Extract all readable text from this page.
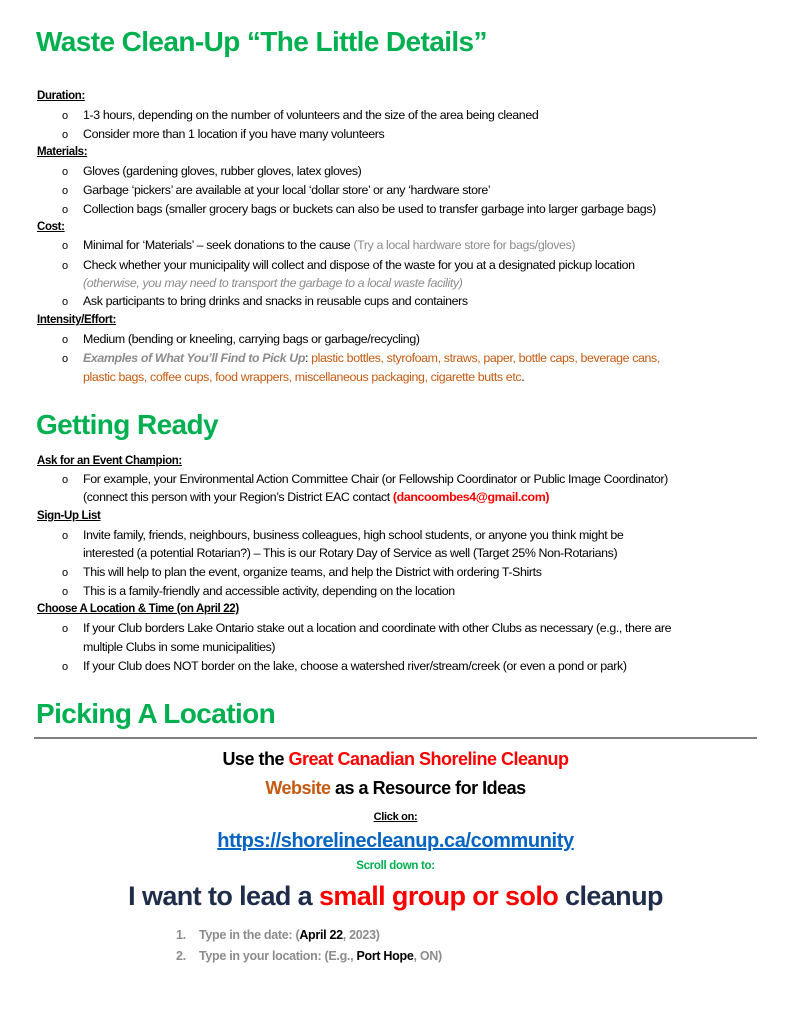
Waste Clean-Up “The Little Details”
Duration:
o 1-3 hours, depending on the number of volunteers and the size of the area being cleaned
o Consider more than 1 location if you have many volunteers
Materials:
o Gloves (gardening gloves, rubber gloves, latex gloves)
o Garbage ‘pickers’ are available at your local ‘dollar store’ or any ‘hardware store’
o Collection bags (smaller grocery bags or buckets can also be used to transfer garbage into larger garbage bags)
Cost:
o Minimal for ‘Materials’ – seek donations to the cause (Try a local hardware store for bags/gloves)
o Check whether your municipality will collect and dispose of the waste for you at a designated pickup location
(otherwise, you may need to transport the garbage to a local waste facility)
o Ask participants to bring drinks and snacks in reusable cups and containers
Intensity/Effort:
o Medium (bending or kneeling, carrying bags or garbage/recycling)
o Examples of What You’ll Find to Pick Up: plastic bottles, styrofoam, straws, paper, bottle caps, beverage cans,
plastic bags, coffee cups, food wrappers, miscellaneous packaging, cigarette butts etc.
Getting Ready
Ask for an Event Champion:
o For example, your Environmental Action Committee Chair (or Fellowship Coordinator or Public Image Coordinator)
(connect this person with your Region’s District EAC contact (dancoombes4@gmail.com)
Sign-Up List
o Invite family, friends, neighbours, business colleagues, high school students, or anyone you think might be
interested (a potential Rotarian?) – This is our Rotary Day of Service as well (Target 25% Non-Rotarians)
o This will help to plan the event, organize teams, and help the District with ordering T-Shirts
o This is a family-friendly and accessible activity, depending on the location
Choose A Location & Time (on April 22)
o If your Club borders Lake Ontario stake out a location and coordinate with other Clubs as necessary (e.g., there are
multiple Clubs in some municipalities)
o If your Club does NOT border on the lake, choose a watershed river/stream/creek (or even a pond or park)
Picking A Location
Use the Great Canadian Shoreline Cleanup
Website as a Resource for Ideas
Click on:
https://shorelinecleanup.ca/community
Scroll down to:
I want to lead a small group or solo cleanup
1. Type in the date: (April 22, 2023)
2. Type in your location: (E.g., Port Hope, ON)
